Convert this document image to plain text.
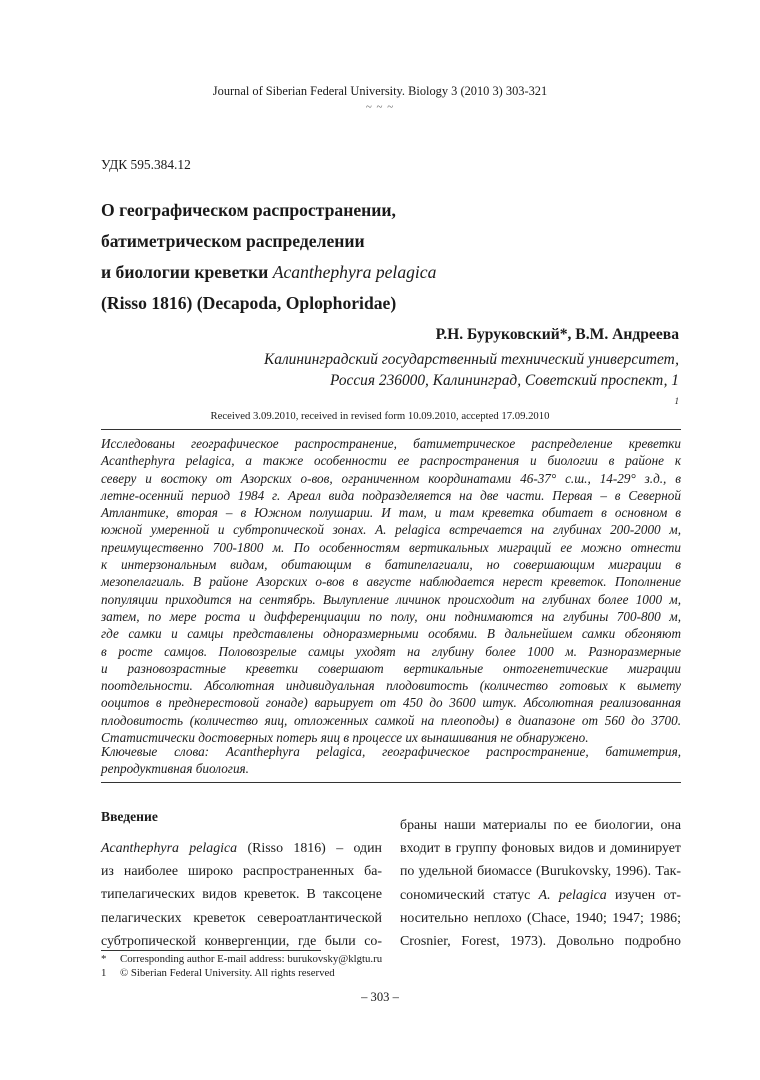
Journal of Siberian Federal University. Biology 3 (2010 3) 303-321
~ ~ ~
УДК 595.384.12
О географическом распространении,
батиметрическом распределении
и биологии креветки Acanthephyra pelagica
(Risso 1816) (Decapoda, Oplophoridae)
Р.Н. Буруковский*, В.М. Андреева
Калининградский государственный технический университет,
Россия 236000, Калининград, Советский проспект, 1
$^1$
Received 3.09.2010, received in revised form 10.09.2010, accepted 17.09.2010
Исследованы географическое распространение, батиметрическое распределение креветки
Acanthephyra pelagica, а также особенности ее распространения и биологии в районе к
северу и востоку от Азорских о-вов, ограниченном координатами 46-37° с.ш., 14-29° з.д., в
летне-осенний период 1984 г. Ареал вида подразделяется на две части. Первая – в Северной
Атлантике, вторая – в Южном полушарии. И там, и там креветка обитает в основном в
южной умеренной и субтропической зонах. A. pelagica встречается на глубинах 200-2000 м,
преимущественно 700-1800 м. По особенностям вертикальных миграций ее можно отнести
к интерзональным видам, обитающим в батипелагиали, но совершающим миграции в
мезопелагиаль. В районе Азорских о-вов в августе наблюдается нерест креветок. Пополнение
популяции приходится на сентябрь. Вылупление личинок происходит на глубинах более 1000 м,
затем, по мере роста и дифференциации по полу, они поднимаются на глубины 700-800 м,
где самки и самцы представлены одноразмерными особями. В дальнейшем самки обгоняют
в росте самцов. Половозрелые самцы уходят на глубину более 1000 м. Разноразмерные
и разновозрастные креветки совершают вертикальные онтогенетические миграции
поотдельности. Абсолютная индивидуальная плодовитость (количество готовых к вымету
ооцитов в преднерестовой гонаде) варьирует от 450 до 3600 штук. Абсолютная реализованная
плодовитость (количество яиц, отложенных самкой на плеоподы) в диапазоне от 560 до 3700.
Статистически достоверных потерь яиц в процессе их вынашивания не обнаружено.
Ключевые слова: Acanthephyra pelagica, географическое распространение, батиметрия,
репродуктивная биология.
Введение
Acanthephyra pelagica (Risso 1816) – один
из наиболее широко распространенных ба-
типелагических видов креветок. В таксоцене
пелагических креветок североатлантической
субтропической конвергенции, где были со-
браны наши материалы по ее биологии, она
входит в группу фоновых видов и доминирует
по удельной биомассе (Burukovsky, 1996). Так-
сономический статус A. pelagica изучен от-
носительно неплохо (Chace, 1940; 1947; 1986;
Crosnier, Forest, 1973). Довольно подробно
* Corresponding author E-mail address: burukovsky@klgtu.ru
1 © Siberian Federal University. All rights reserved
– 303 –
